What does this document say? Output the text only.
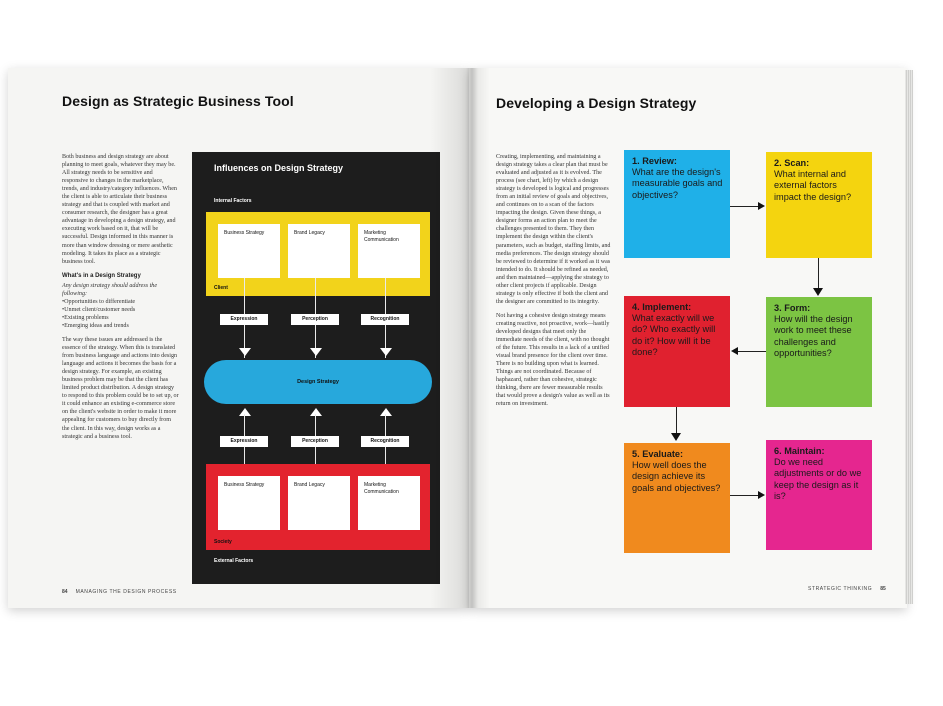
Design as Strategic Business Tool

Both business and design strategy are about planning to meet goals, whatever they may be. All strategy needs to be sensitive and responsive to changes in the marketplace, trends, and industry/category influences. When the client is able to articulate their business strategy and that is coupled with market and consumer research, the designer has a great advantage in developing a design strategy, and executing work based on it, that will be successful. Design informed in this manner is more than window dressing or mere aesthetic modeling. It takes its place as a strategic business tool.

What's in a Design Strategy
Any design strategy should address the following:
• Opportunities to differentiate
• Unmet client/customer needs
• Existing problems
• Emerging ideas and trends

The way these issues are addressed is the essence of the strategy. When this is translated from business language and actions into design language and actions it becomes the basis for a design strategy. For example, an existing business problem may be that the client has limited product distribution. A design strategy to respond to this problem could be to set up, or it could enhance an existing e-commerce store on the client's website in order to make it more appealing for customers to buy directly from the client. In this way, design works as a strategic and a business tool.

84 MANAGING THE DESIGN PROCESS
Influences on Design Strategy
Internal Factors
Business Strategy	Brand Legacy	Marketing Communication
Client
Expression	Perception	Recognition
Design Strategy
Expression	Perception	Recognition
Business Strategy	Brand Legacy	Marketing Communication
Society
External Factors
Developing a Design Strategy

Creating, implementing, and maintaining a design strategy takes a clear plan that must be evaluated and adjusted as it is evolved. The process (see chart, left) by which a design strategy is developed is logical and progresses from an initial review of goals and objectives, and continues on to a scan of the factors impacting the design. Given these things, a designer forms an action plan to meet the challenges presented to them. They then implement the design within the client's parameters, such as budget, staffing limits, and media preferences. The design strategy should be reviewed to determine if it worked as it was intended to do. It should be refined as needed, and then maintained—applying the strategy to other client projects if applicable. Design strategy is only effective if both the client and the designer are committed to its integrity.

Not having a cohesive design strategy means creating reactive, not proactive, work—hastily developed designs that meet only the immediate needs of the client, with no thought of the future. This results in a lack of a unified visual brand presence for the client over time. There is no building upon what is learned. Things are not coordinated. Because of haphazard, rather than cohesive, strategic thinking, there are fewer measurable results that would prove a design's value as well as its return on investment.

STRATEGIC THINKING 85
1. Review:
What are the design's measurable goals and objectives?
2. Scan:
What internal and external factors impact the design?
3. Form:
How will the design work to meet these challenges and opportunities?
4. Implement:
What exactly will we do? Who exactly will do it? How will it be done?
5. Evaluate:
How well does the design achieve its goals and objectives?
6. Maintain:
Do we need adjustments or do we keep the design as it is?
